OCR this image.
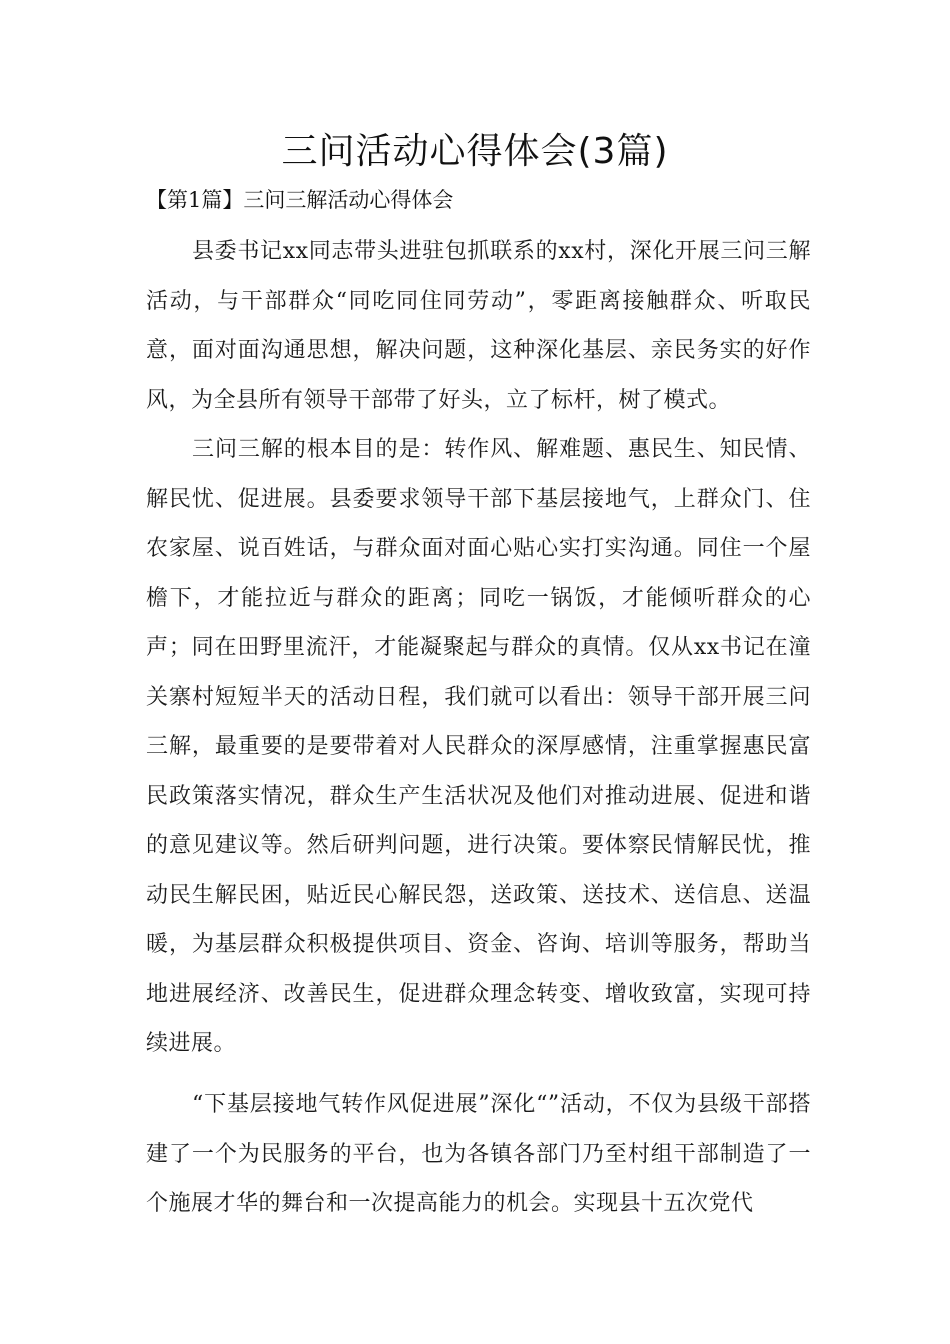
三问活动心得体会(3篇)
【第1篇】三问三解活动心得体会

县委书记xx同志带头进驻包抓联系的xx村，深化开展三问三解活动，与干部群众“同吃同住同劳动”，零距离接触群众、听取民意，面对面沟通思想，解决问题，这种深化基层、亲民务实的好作风，为全县所有领导干部带了好头，立了标杆，树了模式。

三问三解的根本目的是：转作风、解难题、惠民生、知民情、解民忧、促进展。县委要求领导干部下基层接地气，上群众门、住农家屋、说百姓话，与群众面对面心贴心实打实沟通。同住一个屋檐下，才能拉近与群众的距离；同吃一锅饭，才能倾听群众的心声；同在田野里流汗，才能凝聚起与群众的真情。仅从xx书记在潼关寨村短短半天的活动日程，我们就可以看出：领导干部开展三问三解，最重要的是要带着对人民群众的深厚感情，注重掌握惠民富民政策落实情况，群众生产生活状况及他们对推动进展、促进和谐的意见建议等。然后研判问题，进行决策。要体察民情解民忧，推动民生解民困，贴近民心解民怨，送政策、送技术、送信息、送温暖，为基层群众积极提供项目、资金、咨询、培训等服务，帮助当地进展经济、改善民生，促进群众理念转变、增收致富，实现可持续进展。

“下基层接地气转作风促进展”深化“”活动，不仅为县级干部搭建了一个为民服务的平台，也为各镇各部门乃至村组干部制造了一个施展才华的舞台和一次提高能力的机会。实现县十五次党代
